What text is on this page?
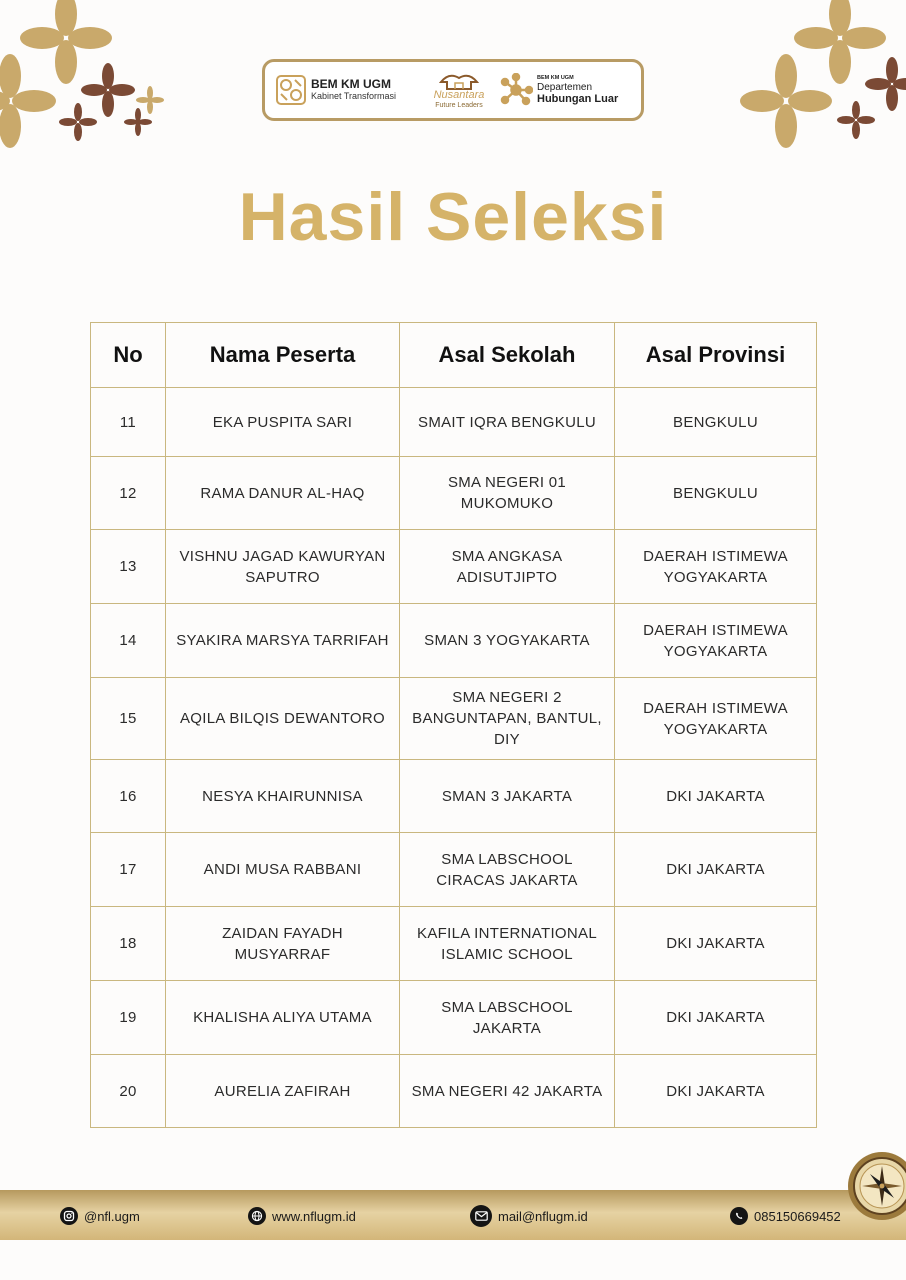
BEM KM UGM
Kabinet Transformasi	Nusantara
Future Leaders
BEM KM UGM
Departemen
Hubungan Luar
Hasil Seleksi
No	Nama Peserta	Asal Sekolah	Asal Provinsi
11	EKA PUSPITA SARI	SMAIT IQRA BENGKULU	BENGKULU
12	RAMA DANUR AL-HAQ	SMA NEGERI 01 MUKOMUKO	BENGKULU
13	VISHNU JAGAD KAWURYAN SAPUTRO	SMA ANGKASA ADISUTJIPTO	DAERAH ISTIMEWA YOGYAKARTA
14	SYAKIRA MARSYA TARRIFAH	SMAN 3 YOGYAKARTA	DAERAH ISTIMEWA YOGYAKARTA
15	AQILA BILQIS DEWANTORO	SMA NEGERI 2 BANGUNTAPAN, BANTUL, DIY	DAERAH ISTIMEWA YOGYAKARTA
16	NESYA KHAIRUNNISA	SMAN 3 JAKARTA	DKI JAKARTA
17	ANDI MUSA RABBANI	SMA LABSCHOOL CIRACAS JAKARTA	DKI JAKARTA
18	ZAIDAN FAYADH MUSYARRAF	KAFILA INTERNATIONAL ISLAMIC SCHOOL	DKI JAKARTA
19	KHALISHA ALIYA UTAMA	SMA LABSCHOOL JAKARTA	DKI JAKARTA
20	AURELIA ZAFIRAH	SMA NEGERI 42 JAKARTA	DKI JAKARTA
@nfl.ugm	www.nflugm.id	mail@nflugm.id	085150669452
